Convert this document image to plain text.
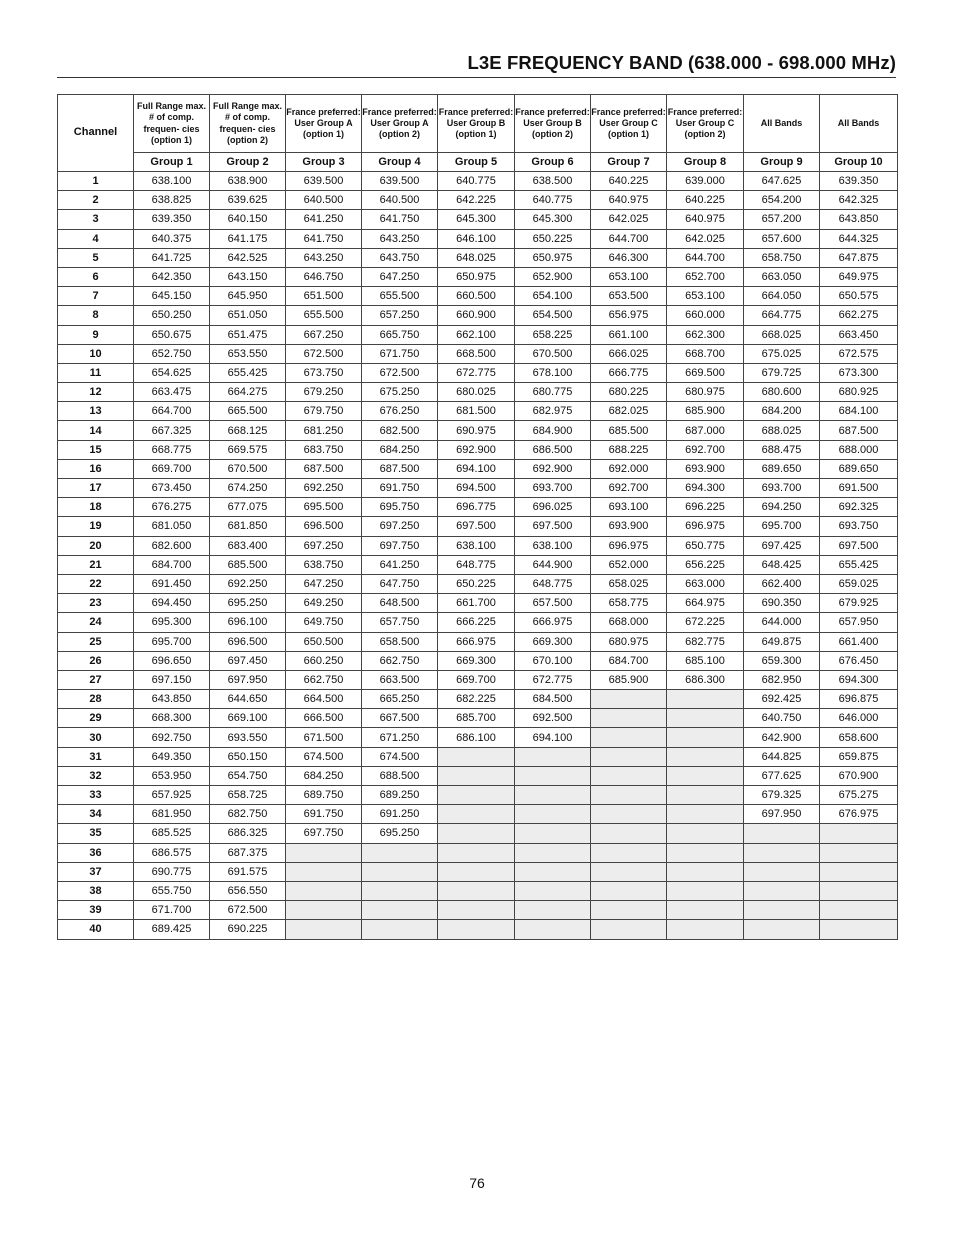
L3E FREQUENCY BAND (638.000 - 698.000 MHz)
Channel	Full Range max. # of comp. frequen- cies (option 1)	Full Range max. # of comp. frequen- cies (option 2)	France preferred: User Group A (option 1)	France preferred: User Group A (option 2)	France preferred: User Group B (option 1)	France preferred: User Group B (option 2)	France preferred: User Group C (option 1)	France preferred: User Group C (option 2)	All Bands	All Bands
	Group 1	Group 2	Group 3	Group 4	Group 5	Group 6	Group 7	Group 8	Group 9	Group 10
1	638.100	638.900	639.500	639.500	640.775	638.500	640.225	639.000	647.625	639.350
2	638.825	639.625	640.500	640.500	642.225	640.775	640.975	640.225	654.200	642.325
3	639.350	640.150	641.250	641.750	645.300	645.300	642.025	640.975	657.200	643.850
4	640.375	641.175	641.750	643.250	646.100	650.225	644.700	642.025	657.600	644.325
5	641.725	642.525	643.250	643.750	648.025	650.975	646.300	644.700	658.750	647.875
6	642.350	643.150	646.750	647.250	650.975	652.900	653.100	652.700	663.050	649.975
7	645.150	645.950	651.500	655.500	660.500	654.100	653.500	653.100	664.050	650.575
8	650.250	651.050	655.500	657.250	660.900	654.500	656.975	660.000	664.775	662.275
9	650.675	651.475	667.250	665.750	662.100	658.225	661.100	662.300	668.025	663.450
10	652.750	653.550	672.500	671.750	668.500	670.500	666.025	668.700	675.025	672.575
11	654.625	655.425	673.750	672.500	672.775	678.100	666.775	669.500	679.725	673.300
12	663.475	664.275	679.250	675.250	680.025	680.775	680.225	680.975	680.600	680.925
13	664.700	665.500	679.750	676.250	681.500	682.975	682.025	685.900	684.200	684.100
14	667.325	668.125	681.250	682.500	690.975	684.900	685.500	687.000	688.025	687.500
15	668.775	669.575	683.750	684.250	692.900	686.500	688.225	692.700	688.475	688.000
16	669.700	670.500	687.500	687.500	694.100	692.900	692.000	693.900	689.650	689.650
17	673.450	674.250	692.250	691.750	694.500	693.700	692.700	694.300	693.700	691.500
18	676.275	677.075	695.500	695.750	696.775	696.025	693.100	696.225	694.250	692.325
19	681.050	681.850	696.500	697.250	697.500	697.500	693.900	696.975	695.700	693.750
20	682.600	683.400	697.250	697.750	638.100	638.100	696.975	650.775	697.425	697.500
21	684.700	685.500	638.750	641.250	648.775	644.900	652.000	656.225	648.425	655.425
22	691.450	692.250	647.250	647.750	650.225	648.775	658.025	663.000	662.400	659.025
23	694.450	695.250	649.250	648.500	661.700	657.500	658.775	664.975	690.350	679.925
24	695.300	696.100	649.750	657.750	666.225	666.975	668.000	672.225	644.000	657.950
25	695.700	696.500	650.500	658.500	666.975	669.300	680.975	682.775	649.875	661.400
26	696.650	697.450	660.250	662.750	669.300	670.100	684.700	685.100	659.300	676.450
27	697.150	697.950	662.750	663.500	669.700	672.775	685.900	686.300	682.950	694.300
28	643.850	644.650	664.500	665.250	682.225	684.500			692.425	696.875
29	668.300	669.100	666.500	667.500	685.700	692.500			640.750	646.000
30	692.750	693.550	671.500	671.250	686.100	694.100			642.900	658.600
31	649.350	650.150	674.500	674.500					644.825	659.875
32	653.950	654.750	684.250	688.500					677.625	670.900
33	657.925	658.725	689.750	689.250					679.325	675.275
34	681.950	682.750	691.750	691.250					697.950	676.975
35	685.525	686.325	697.750	695.250						
36	686.575	687.375								
37	690.775	691.575								
38	655.750	656.550								
39	671.700	672.500								
40	689.425	690.225								
76
